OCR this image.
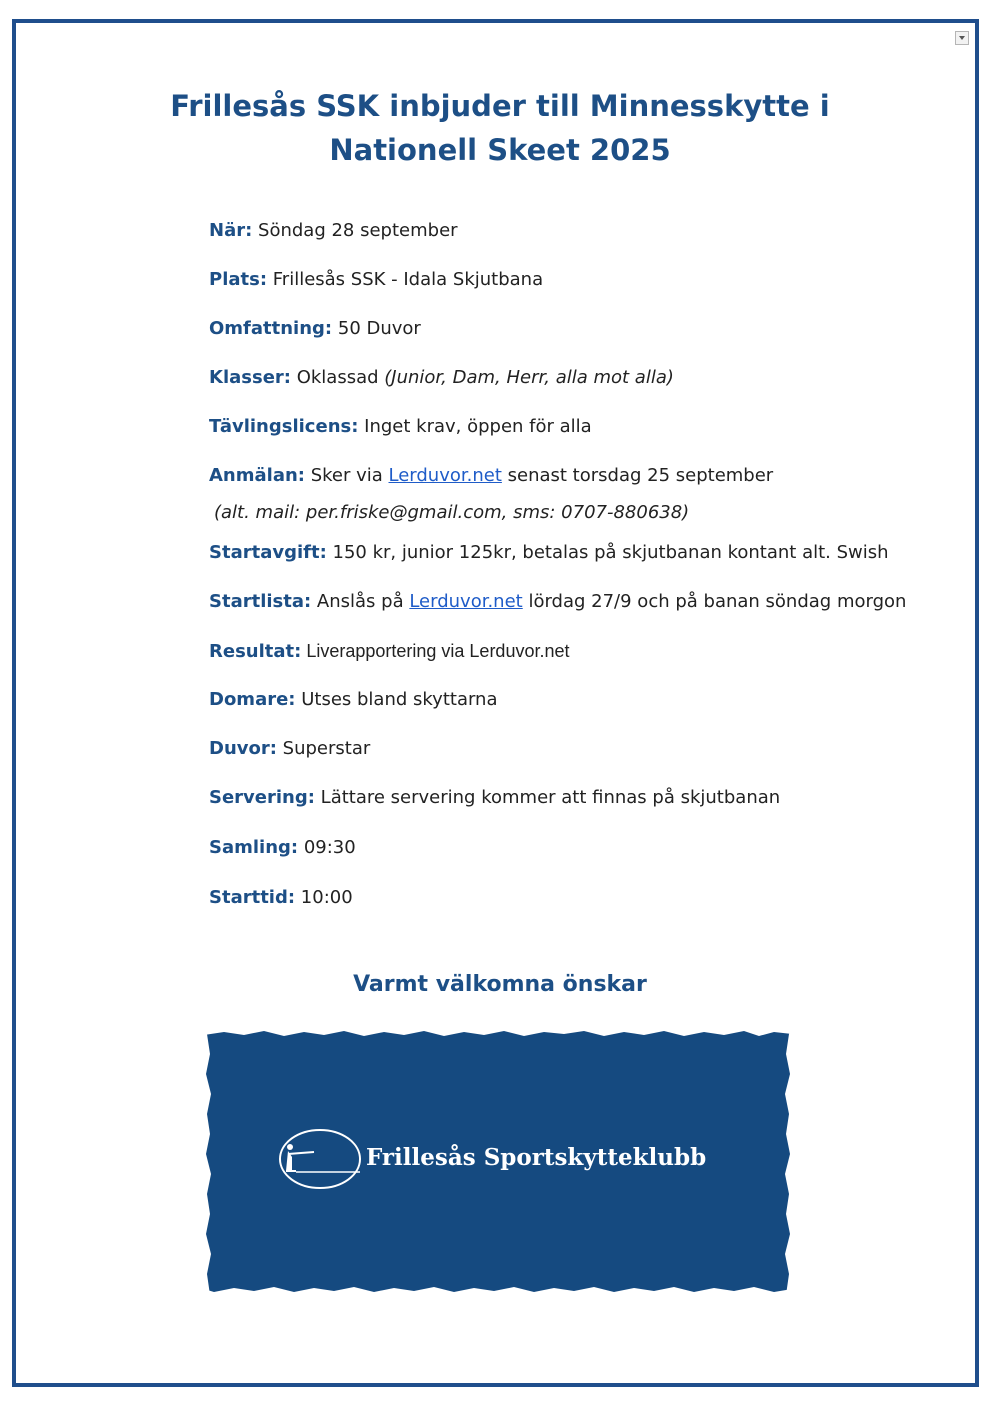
Frillesås SSK inbjuder till Minnesskytte i
Nationell Skeet 2025

När: Söndag 28 september

Plats: Frillesås SSK - Idala Skjutbana

Omfattning: 50 Duvor

Klasser: Oklassad (Junior, Dam, Herr, alla mot alla)

Tävlingslicens: Inget krav, öppen för alla

Anmälan: Sker via Lerduvor.net senast torsdag 25 september

(alt. mail: per.friske@gmail.com, sms: 0707-880638)

Startavgift: 150 kr, junior 125kr, betalas på skjutbanan kontant alt. Swish

Startlista: Anslås på Lerduvor.net lördag 27/9 och på banan söndag morgon

Resultat: Liverapportering via Lerduvor.net

Domare: Utses bland skyttarna

Duvor: Superstar

Servering: Lättare servering kommer att finnas på skjutbanan

Samling: 09:30

Starttid: 10:00

Varmt välkomna önskar

Frillesås Sportskytteklubb
